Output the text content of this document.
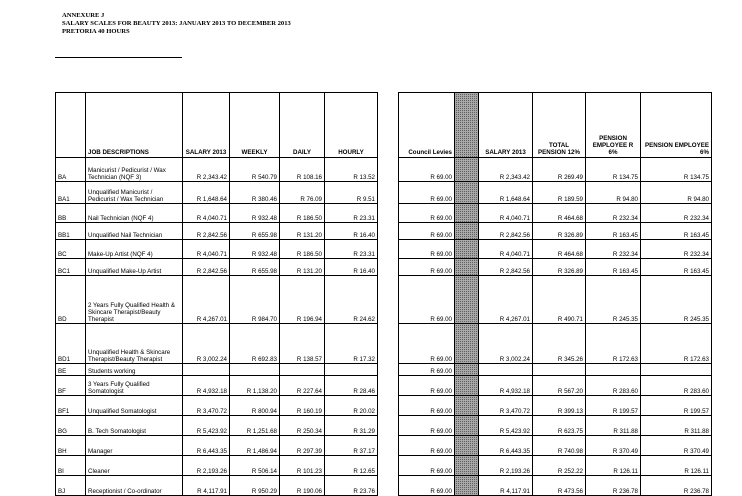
ANNEXURE J
SALARY SCALES FOR BEAUTY 2013: JANUARY 2013 TO DECEMBER 2013
PRETORIA 40 HOURS
	JOB DESCRIPTIONS	SALARY 2013	WEEKLY	DAILY	HOURLY
BA	Manicurist / Pedicurist / Wax Technician (NQF 3)	R 2,343.42	R 540.79	R 108.16	R 13.52
BA1	Unqualified Manicurist / Pedicurist / Wax Technician	R 1,648.64	R 380.46	R 76.09	R 9.51
BB	Nail Technician (NQF 4)	R 4,040.71	R 932.48	R 186.50	R 23.31
BB1	Unqualified Nail Technician	R 2,842.56	R 655.98	R 131.20	R 16.40
BC	Make-Up Artist (NQF 4)	R 4,040.71	R 932.48	R 186.50	R 23.31
BC1	Unqualified Make-Up Artist	R 2,842.56	R 655.98	R 131.20	R 16.40
BD	2 Years Fully Qualified Health & Skincare Therapist/Beauty Therapist	R 4,267.01	R 984.70	R 196.94	R 24.62
BD1	Unqualified Health & Skincare Therapist/Beauty Therapist	R 3,002.24	R 692.83	R 138.57	R 17.32
BE	Students working				
BF	3 Years Fully Qualified Somatologist	R 4,932.18	R 1,138.20	R 227.64	R 28.46
BF1	Unqualified Somatologist	R 3,470.72	R 800.94	R 160.19	R 20.02
BG	B. Tech Somatologist	R 5,423.92	R 1,251.68	R 250.34	R 31.29
BH	Manager	R 6,443.35	R 1,486.94	R 297.39	R 37.17
BI	Cleaner	R 2,193.26	R 506.14	R 101.23	R 12.65
BJ	Receptionist / Co-ordinator	R 4,117.91	R 950.29	R 190.06	R 23.76
Council Levies		SALARY 2013	TOTAL PENSION 12%	PENSION EMPLOYEE R 6%	PENSION EMPLOYEE 6%
R 69.00		R 2,343.42	R 269.49	R 134.75	R 134.75
R 69.00		R 1,648.64	R 189.59	R 94.80	R 94.80
R 69.00		R 4,040.71	R 464.68	R 232.34	R 232.34
R 69.00		R 2,842.56	R 326.89	R 163.45	R 163.45
R 69.00		R 4,040.71	R 464.68	R 232.34	R 232.34
R 69.00		R 2,842.56	R 326.89	R 163.45	R 163.45
R 69.00		R 4,267.01	R 490.71	R 245.35	R 245.35
R 69.00		R 3,002.24	R 345.26	R 172.63	R 172.63
R 69.00					
R 69.00		R 4,932.18	R 567.20	R 283.60	R 283.60
R 69.00		R 3,470.72	R 399.13	R 199.57	R 199.57
R 69.00		R 5,423.92	R 623.75	R 311.88	R 311.88
R 69.00		R 6,443.35	R 740.98	R 370.49	R 370.49
R 69.00		R 2,193.26	R 252.22	R 126.11	R 126.11
R 69.00		R 4,117.91	R 473.56	R 236.78	R 236.78
